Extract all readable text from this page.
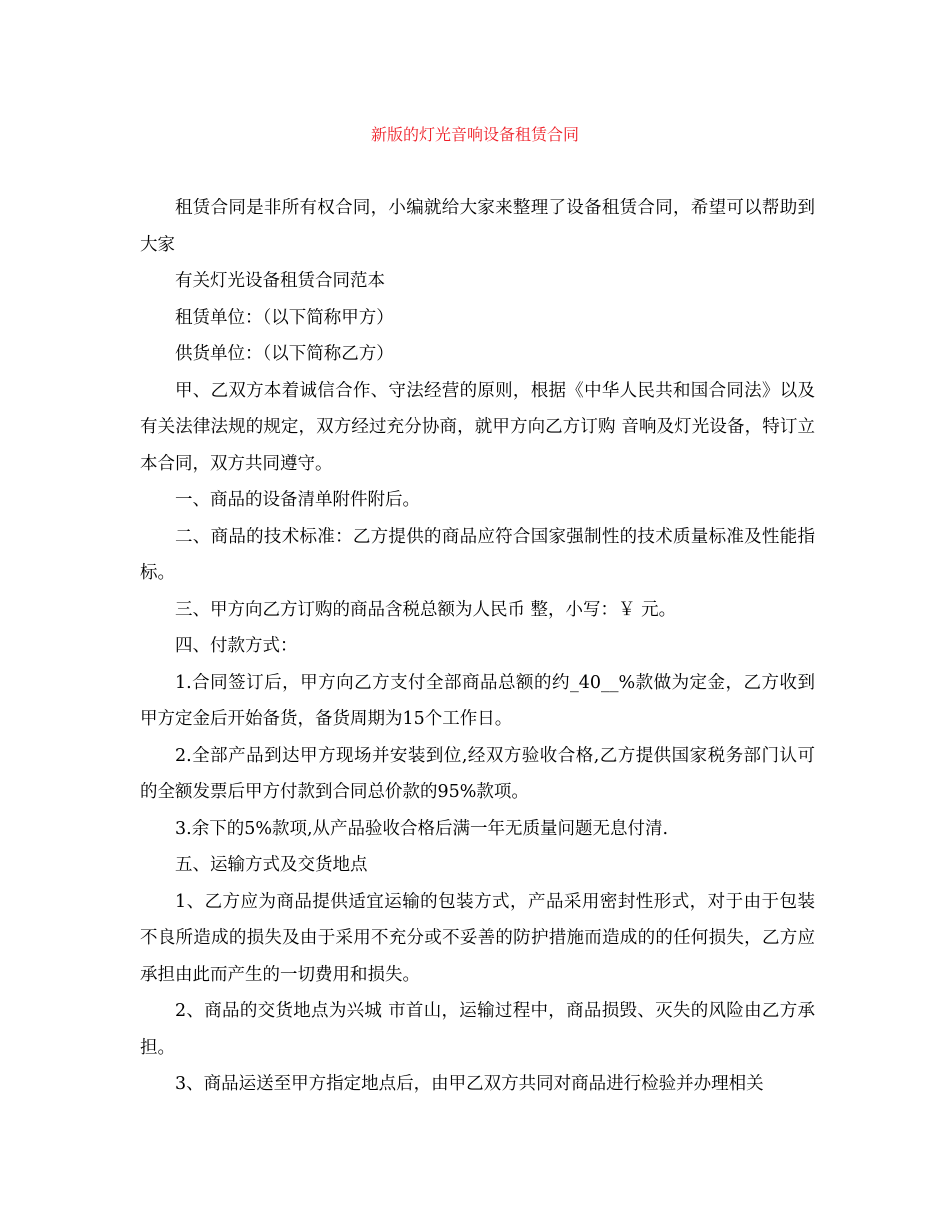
新版的灯光音响设备租赁合同

租赁合同是非所有权合同，小编就给大家来整理了设备租赁合同，希望可以帮助到大家

有关灯光设备租赁合同范本

租赁单位：（以下简称甲方）

供货单位：（以下简称乙方）

甲、乙双方本着诚信合作、守法经营的原则，根据《中华人民共和国合同法》以及有关法律法规的规定，双方经过充分协商，就甲方向乙方订购 音响及灯光设备，特订立本合同，双方共同遵守。

一、商品的设备清单附件附后。

二、商品的技术标准：乙方提供的商品应符合国家强制性的技术质量标准及性能指标。

三、甲方向乙方订购的商品含税总额为人民币 整，小写：￥ 元。

四、付款方式：

1.合同签订后，甲方向乙方支付全部商品总额的约_40__%款做为定金，乙方收到甲方定金后开始备货，备货周期为15个工作日。

2.全部产品到达甲方现场并安装到位,经双方验收合格,乙方提供国家税务部门认可的全额发票后甲方付款到合同总价款的95%款项。

3.余下的5%款项,从产品验收合格后满一年无质量问题无息付清.

五、运输方式及交货地点

1、乙方应为商品提供适宜运输的包装方式，产品采用密封性形式，对于由于包装不良所造成的损失及由于采用不充分或不妥善的防护措施而造成的的任何损失，乙方应承担由此而产生的一切费用和损失。

2、商品的交货地点为兴城 市首山，运输过程中，商品损毁、灭失的风险由乙方承担。

3、商品运送至甲方指定地点后，由甲乙双方共同对商品进行检验并办理相关
